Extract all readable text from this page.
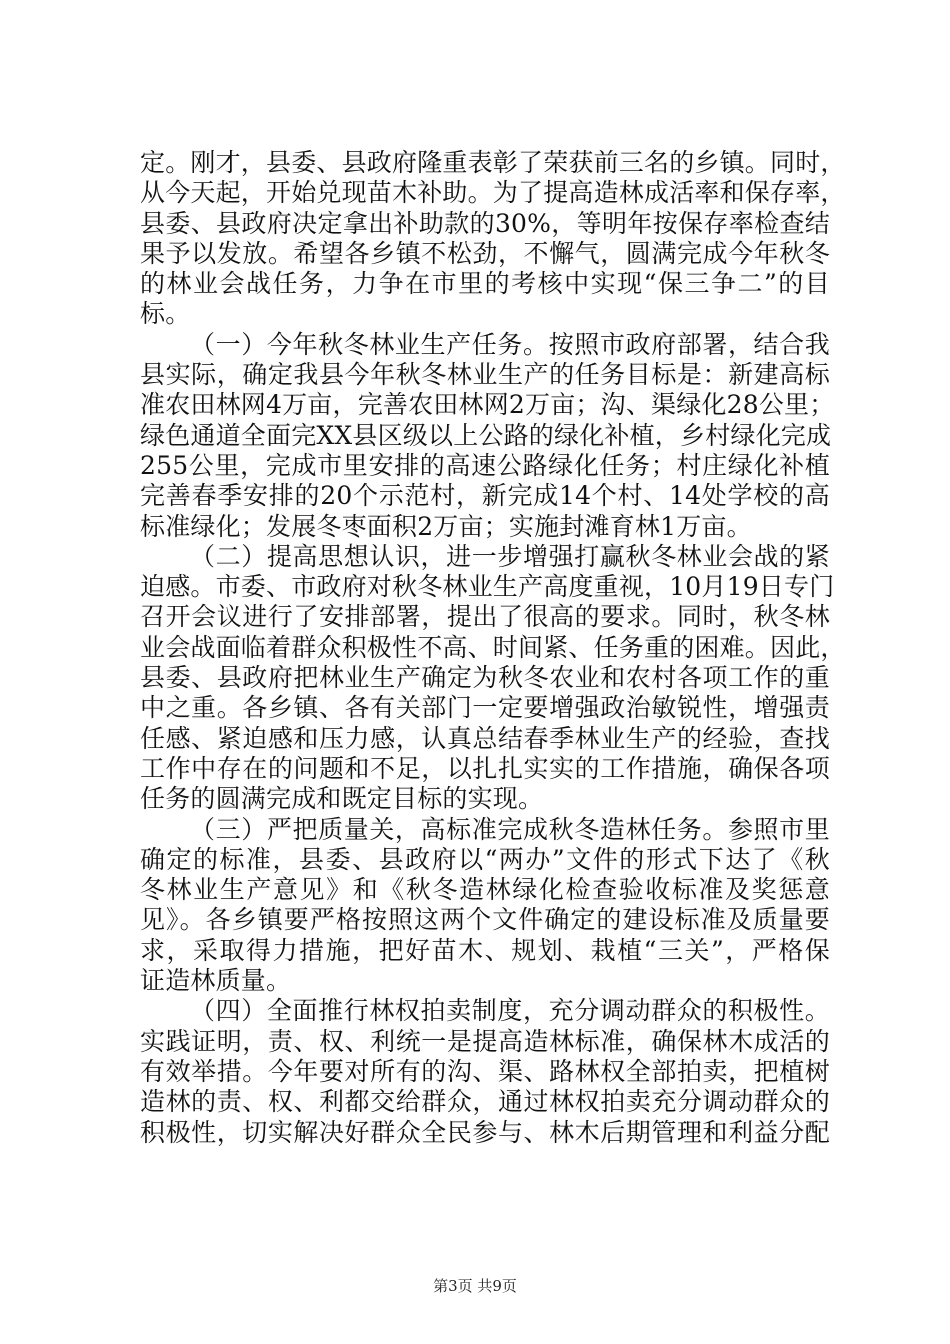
定。刚才，县委、县政府隆重表彰了荣获前三名的乡镇。同时，
从今天起，开始兑现苗木补助。为了提高造林成活率和保存率，
县委、县政府决定拿出补助款的30%，等明年按保存率检查结
果予以发放。希望各乡镇不松劲，不懈气，圆满完成今年秋冬
的林业会战任务，力争在市里的考核中实现“保三争二”的目
标。
（一）今年秋冬林业生产任务。按照市政府部署，结合我
县实际，确定我县今年秋冬林业生产的任务目标是：新建高标
准农田林网4万亩，完善农田林网2万亩；沟、渠绿化28公里；
绿色通道全面完XX县区级以上公路的绿化补植，乡村绿化完成
255公里，完成市里安排的高速公路绿化任务；村庄绿化补植
完善春季安排的20个示范村，新完成14个村、14处学校的高
标准绿化；发展冬枣面积2万亩；实施封滩育林1万亩。
（二）提高思想认识，进一步增强打赢秋冬林业会战的紧
迫感。市委、市政府对秋冬林业生产高度重视，10月19日专门
召开会议进行了安排部署，提出了很高的要求。同时，秋冬林
业会战面临着群众积极性不高、时间紧、任务重的困难。因此，
县委、县政府把林业生产确定为秋冬农业和农村各项工作的重
中之重。各乡镇、各有关部门一定要增强政治敏锐性，增强责
任感、紧迫感和压力感，认真总结春季林业生产的经验，查找
工作中存在的问题和不足，以扎扎实实的工作措施，确保各项
任务的圆满完成和既定目标的实现。
（三）严把质量关，高标准完成秋冬造林任务。参照市里
确定的标准，县委、县政府以“两办”文件的形式下达了《秋
冬林业生产意见》和《秋冬造林绿化检查验收标准及奖惩意
见》。各乡镇要严格按照这两个文件确定的建设标准及质量要
求，采取得力措施，把好苗木、规划、栽植“三关”，严格保
证造林质量。
（四）全面推行林权拍卖制度，充分调动群众的积极性。
实践证明，责、权、利统一是提高造林标准，确保林木成活的
有效举措。今年要对所有的沟、渠、路林权全部拍卖，把植树
造林的责、权、利都交给群众，通过林权拍卖充分调动群众的
积极性，切实解决好群众全民参与、林木后期管理和利益分配
第3页 共9页
